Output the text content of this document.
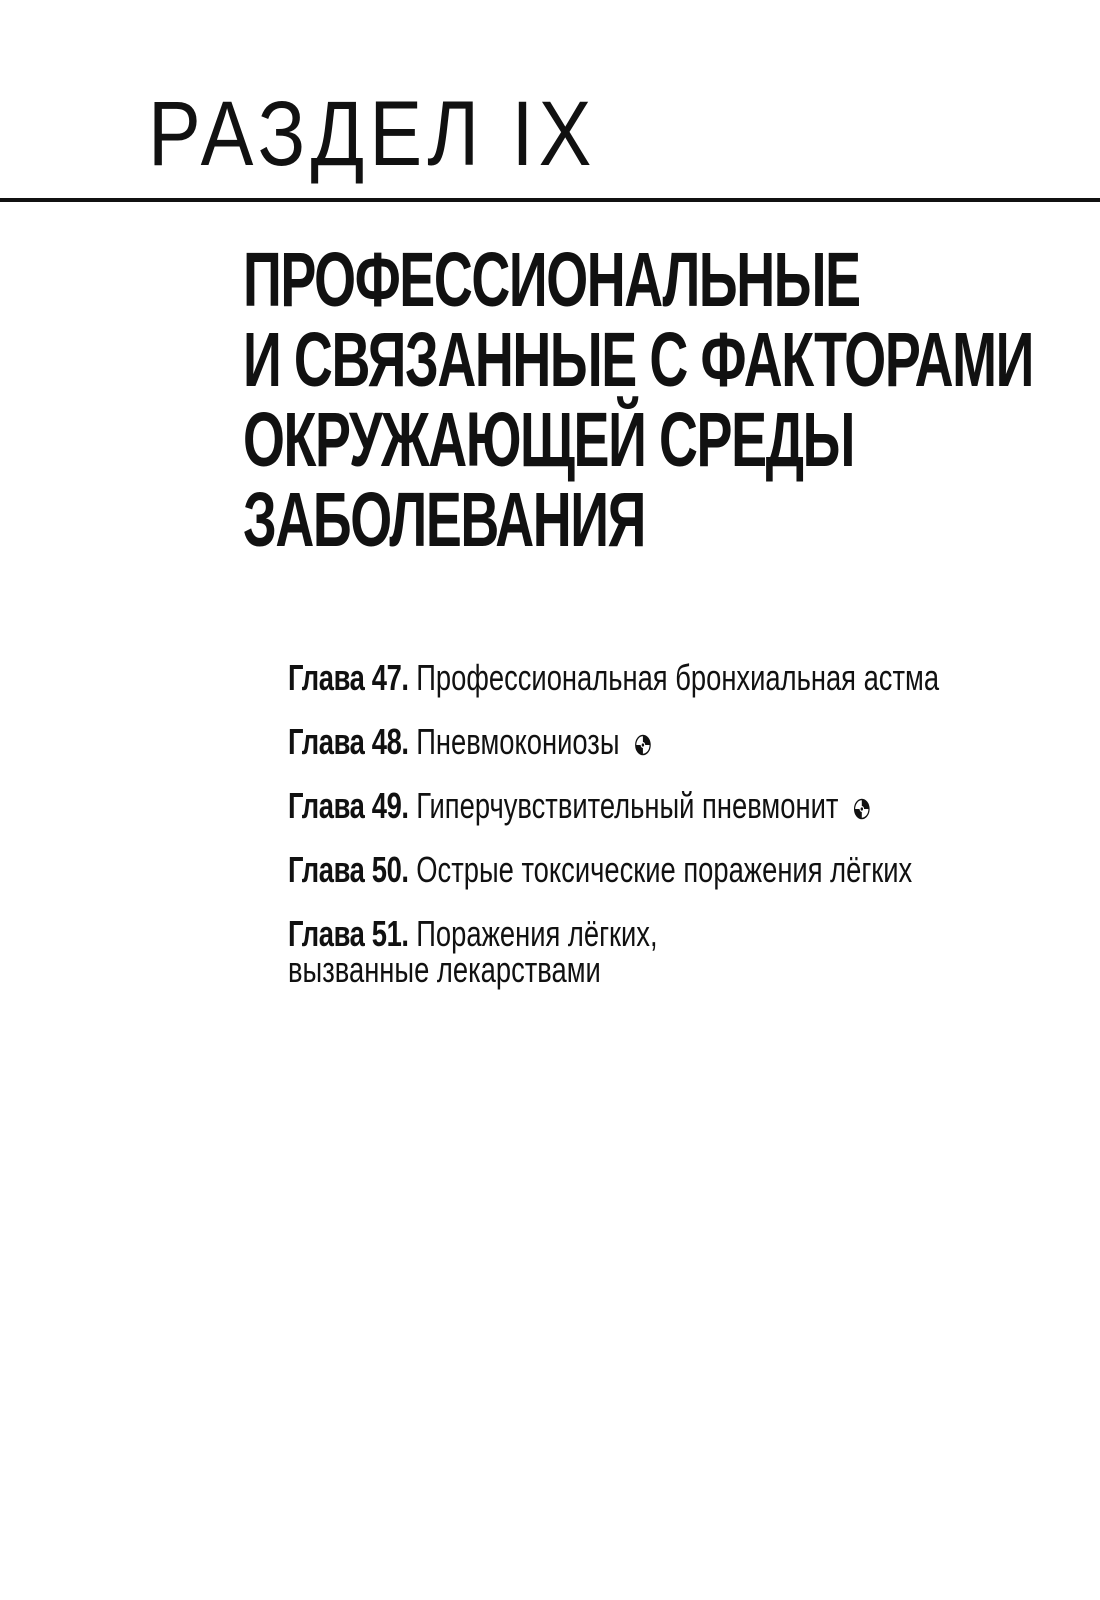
РАЗДЕЛ IX
ПРОФЕССИОНАЛЬНЫЕ
И СВЯЗАННЫЕ С ФАКТОРАМИ
ОКРУЖАЮЩЕЙ СРЕДЫ
ЗАБОЛЕВАНИЯ
Глава 47. Профессиональная бронхиальная астма
Глава 48. Пневмокониозы
Глава 49. Гиперчувствительный пневмонит
Глава 50. Острые токсические поражения лёгких
Глава 51. Поражения лёгких,
вызванные лекарствами
